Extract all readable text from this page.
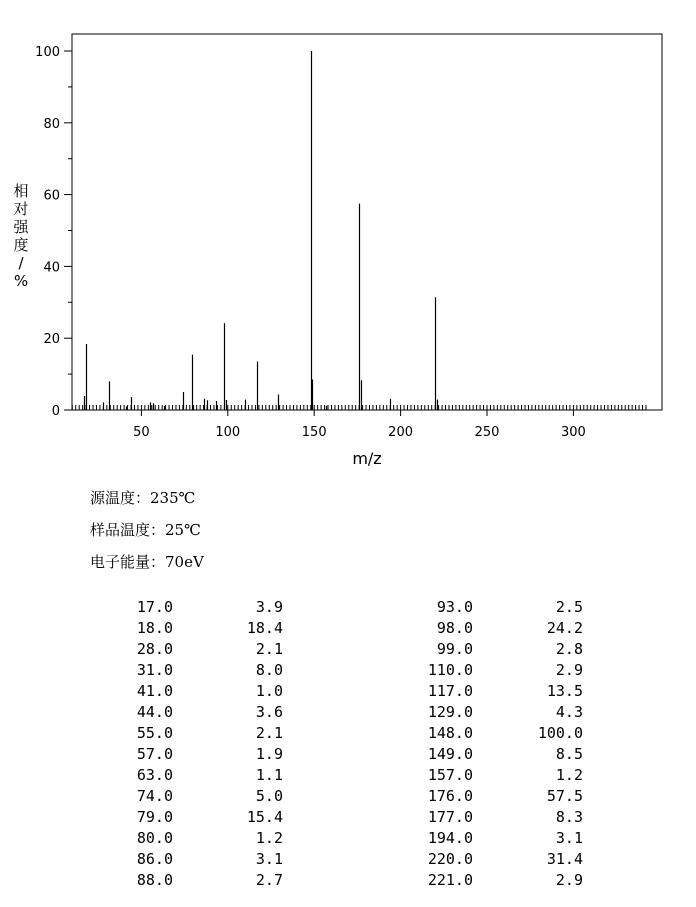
0
20
40
60
80
100
50	100	150	200	250	300
m/z
相
对
强
度
/
%
源温度：235℃
样品温度：25℃
电子能量：70eV
17.0	3.9	93.0	2.5
18.0	18.4	98.0	24.2
28.0	2.1	99.0	2.8
31.0	8.0	110.0	2.9
41.0	1.0	117.0	13.5
44.0	3.6	129.0	4.3
55.0	2.1	148.0	100.0
57.0	1.9	149.0	8.5
63.0	1.1	157.0	1.2
74.0	5.0	176.0	57.5
79.0	15.4	177.0	8.3
80.0	1.2	194.0	3.1
86.0	3.1	220.0	31.4
88.0	2.7	221.0	2.9
